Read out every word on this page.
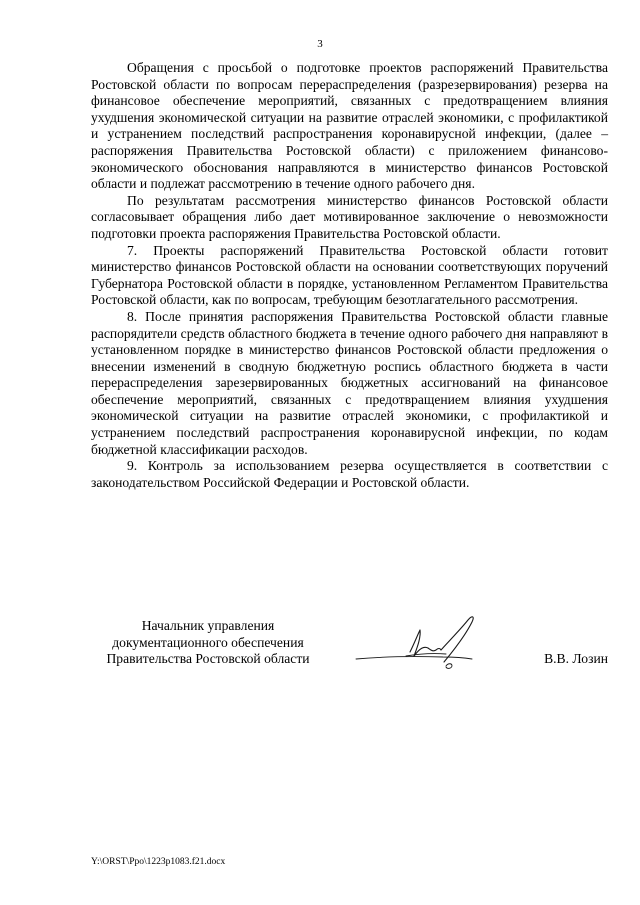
3

Обращения с просьбой о подготовке проектов распоряжений Правительства Ростовской области по вопросам перераспределения (разрезервирования) резерва на финансовое обеспечение мероприятий, связанных с предотвращением влияния ухудшения экономической ситуации на развитие отраслей экономики, с профилактикой и устранением последствий распространения коронавирусной инфекции, (далее – распоряжения Правительства Ростовской области) с приложением финансово-экономического обоснования направляются в министерство финансов Ростовской области и подлежат рассмотрению в течение одного рабочего дня.

По результатам рассмотрения министерство финансов Ростовской области согласовывает обращения либо дает мотивированное заключение о невозможности подготовки проекта распоряжения Правительства Ростовской области.

7. Проекты распоряжений Правительства Ростовской области готовит министерство финансов Ростовской области на основании соответствующих поручений Губернатора Ростовской области в порядке, установленном Регламентом Правительства Ростовской области, как по вопросам, требующим безотлагательного рассмотрения.

8. После принятия распоряжения Правительства Ростовской области главные распорядители средств областного бюджета в течение одного рабочего дня направляют в установленном порядке в министерство финансов Ростовской области предложения о внесении изменений в сводную бюджетную роспись областного бюджета в части перераспределения зарезервированных бюджетных ассигнований на финансовое обеспечение мероприятий, связанных с предотвращением влияния ухудшения экономической ситуации на развитие отраслей экономики, с профилактикой и устранением последствий распространения коронавирусной инфекции, по кодам бюджетной классификации расходов.

9. Контроль за использованием резерва осуществляется в соответствии с законодательством Российской Федерации и Ростовской области.

Начальник управления
документационного обеспечения
Правительства Ростовской области	В.В. Лозин
Y:\ORST\Ppo\1223p1083.f21.docx
